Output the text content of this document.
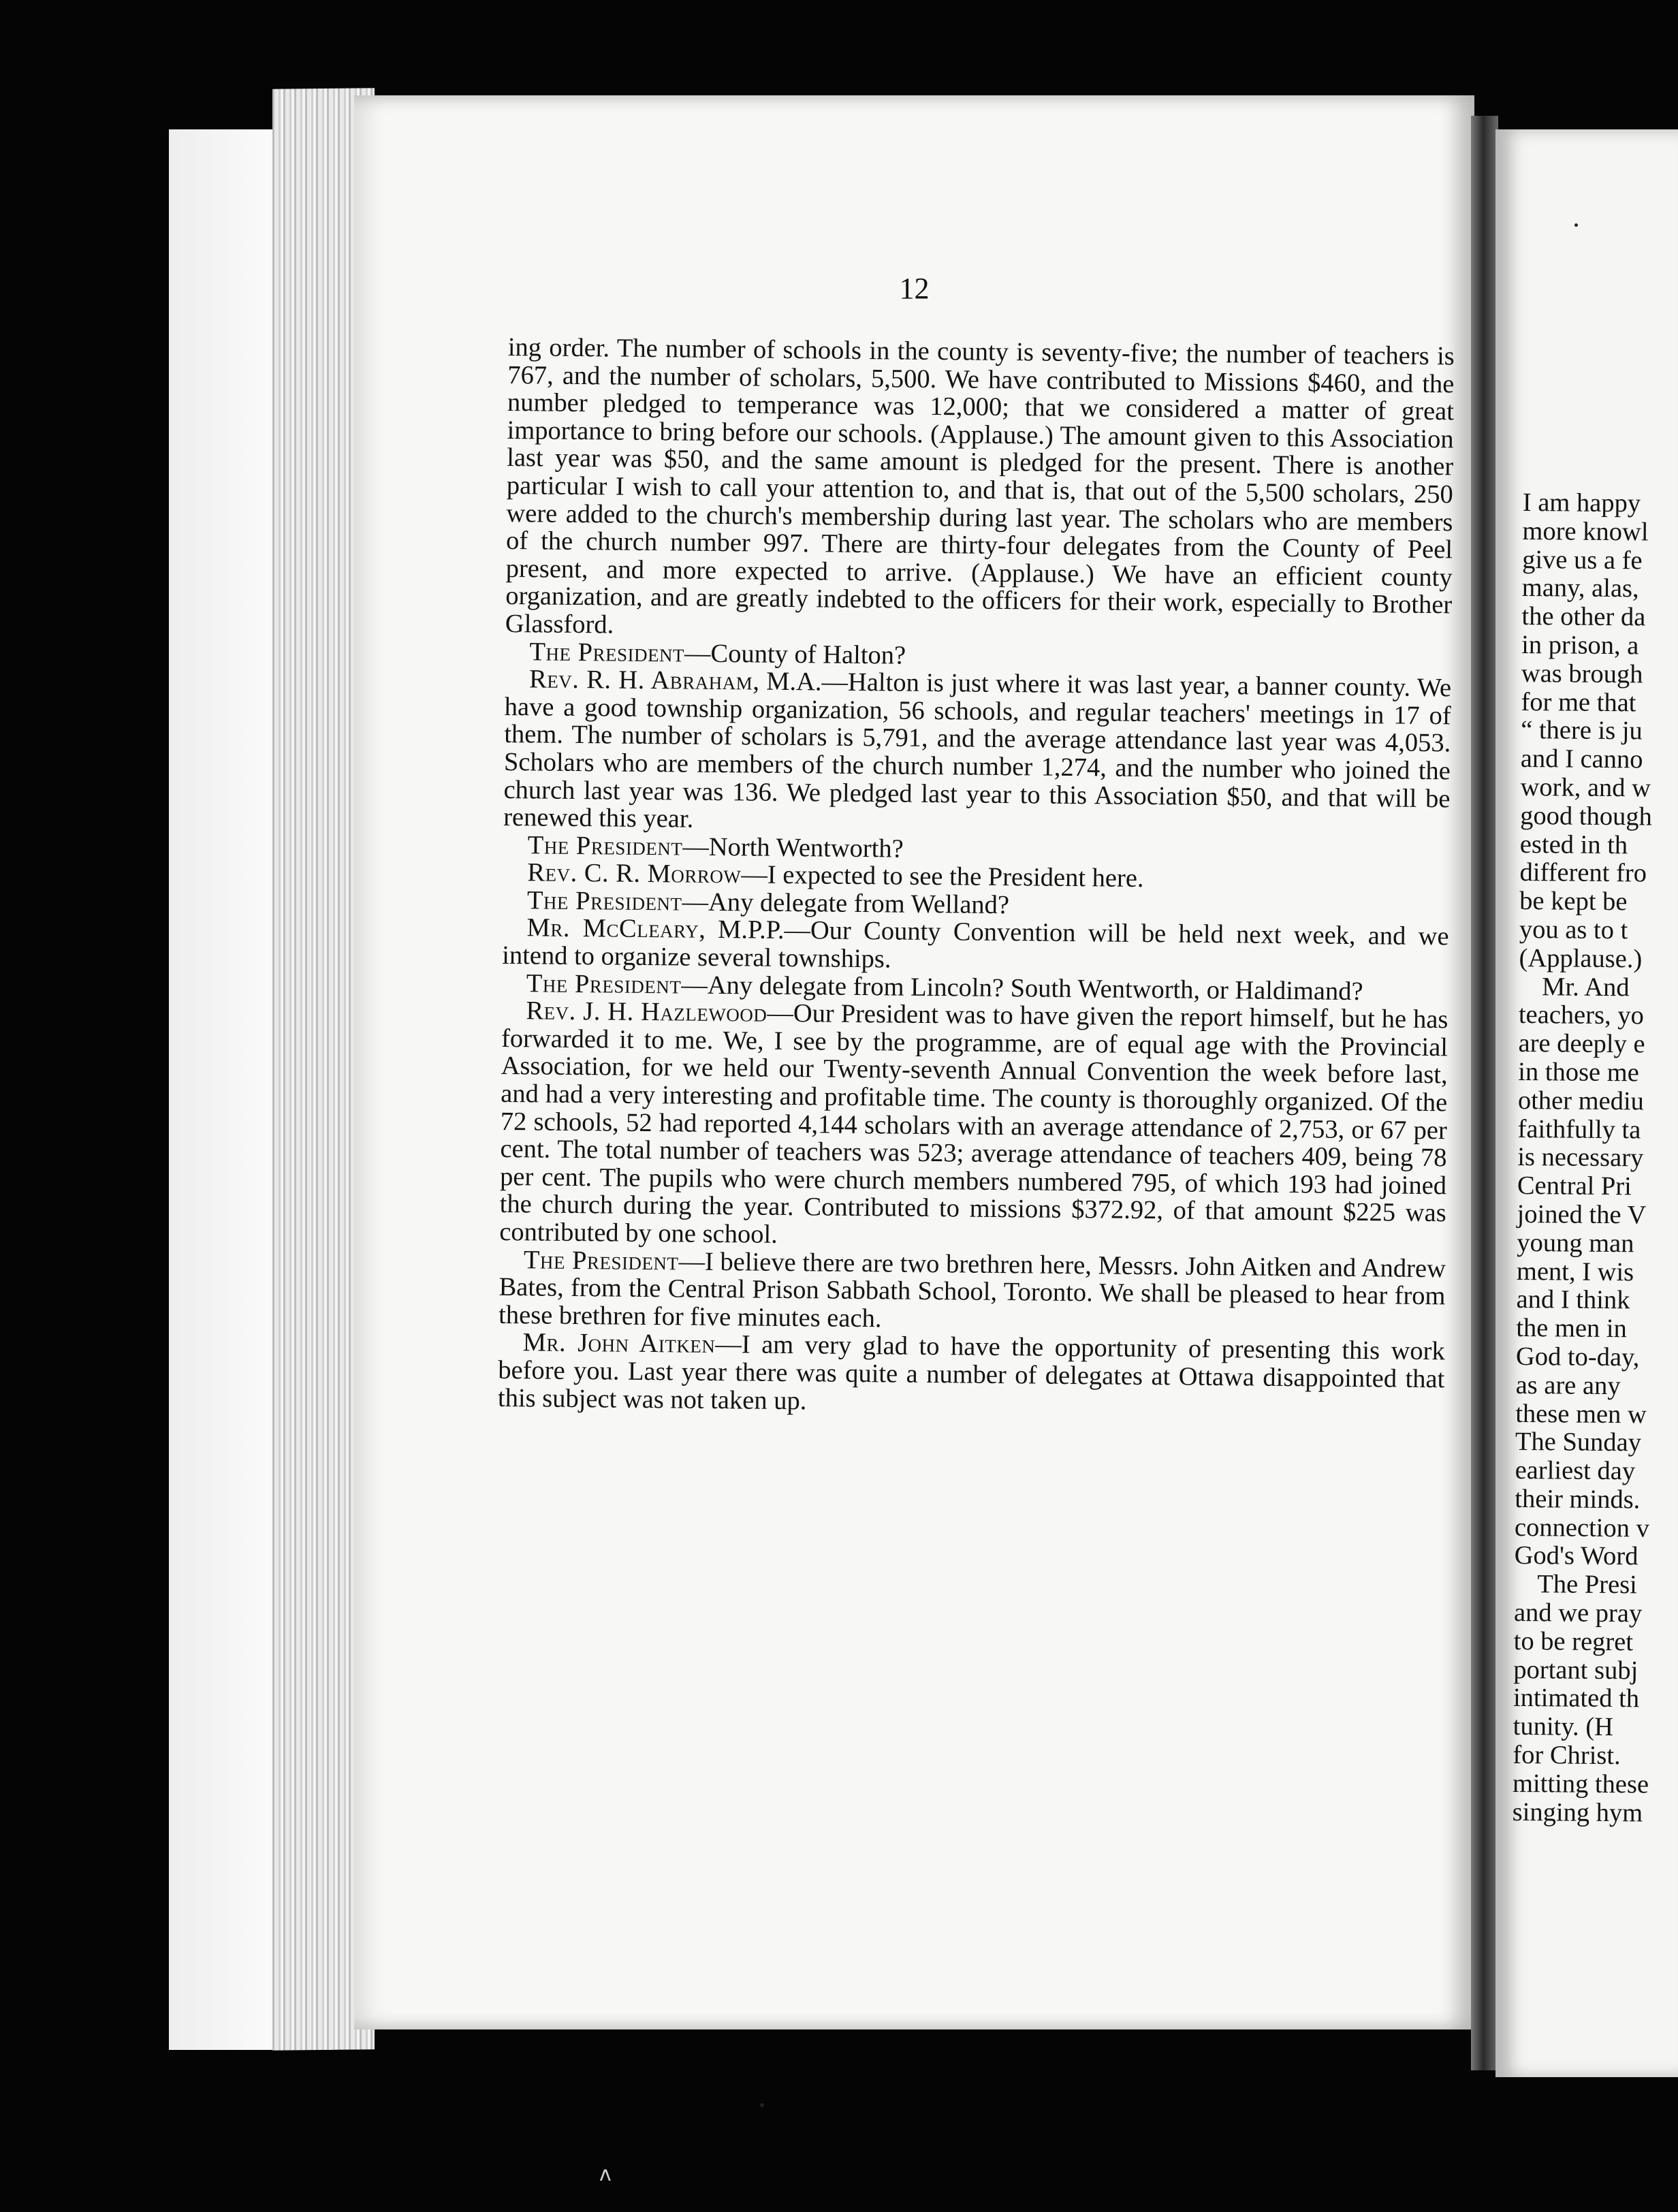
12

ing order. The number of schools in the county is seventy-five; the number of teachers is 767, and the number of scholars, 5,500. We have contributed to Missions $460, and the number pledged to temperance was 12,000; that we considered a matter of great importance to bring before our schools. (Applause.) The amount given to this Association last year was $50, and the same amount is pledged for the present. There is another particular I wish to call your attention to, and that is, that out of the 5,500 scholars, 250 were added to the church's membership during last year. The scholars who are members of the church number 997. There are thirty-four delegates from the County of Peel present, and more expected to arrive. (Applause.) We have an efficient county organization, and are greatly indebted to the officers for their work, especially to Brother Glassford.

The President—County of Halton?

Rev. R. H. Abraham, M.A.—Halton is just where it was last year, a banner county. We have a good township organization, 56 schools, and regular teachers' meetings in 17 of them. The number of scholars is 5,791, and the average attendance last year was 4,053. Scholars who are members of the church number 1,274, and the number who joined the church last year was 136. We pledged last year to this Association $50, and that will be renewed this year.

The President—North Wentworth?

Rev. C. R. Morrow—I expected to see the President here.

The President—Any delegate from Welland?

Mr. McCleary, M.P.P.—Our County Convention will be held next week, and we intend to organize several townships.

The President—Any delegate from Lincoln? South Wentworth, or Haldimand?

Rev. J. H. Hazlewood—Our President was to have given the report himself, but he has forwarded it to me. We, I see by the programme, are of equal age with the Provincial Association, for we held our Twenty-seventh Annual Convention the week before last, and had a very interesting and profitable time. The county is thoroughly organized. Of the 72 schools, 52 had reported 4,144 scholars with an average attendance of 2,753, or 67 per cent. The total number of teachers was 523; average attendance of teachers 409, being 78 per cent. The pupils who were church members numbered 795, of which 193 had joined the church during the year. Contributed to missions $372.92, of that amount $225 was contributed by one school.

The President—I believe there are two brethren here, Messrs. John Aitken and Andrew Bates, from the Central Prison Sabbath School, Toronto. We shall be pleased to hear from these brethren for five minutes each.

Mr. John Aitken—I am very glad to have the opportunity of presenting this work before you. Last year there was quite a number of delegates at Ottawa disappointed that this subject was not taken up.

I am happy
more knowl
give us a fe
many, alas,
the other da
in prison, a
was brough
for me that
“ there is ju
and I canno
work, and w
good though
ested in th
different fro
be kept be
you as to t
(Applause.)
Mr. And
teachers, yo
are deeply e
in those me
other mediu
faithfully ta
is necessary
Central Pri
joined the V
young man
ment, I wis
and I think
the men in
God to-day,
as are any
these men w
The Sunday
earliest day
their minds.
connection v
God's Word
The Presi
and we pray
to be regret
portant subj
intimated th
tunity. (H
for Christ.
mitting these
singing hym
ʌ
